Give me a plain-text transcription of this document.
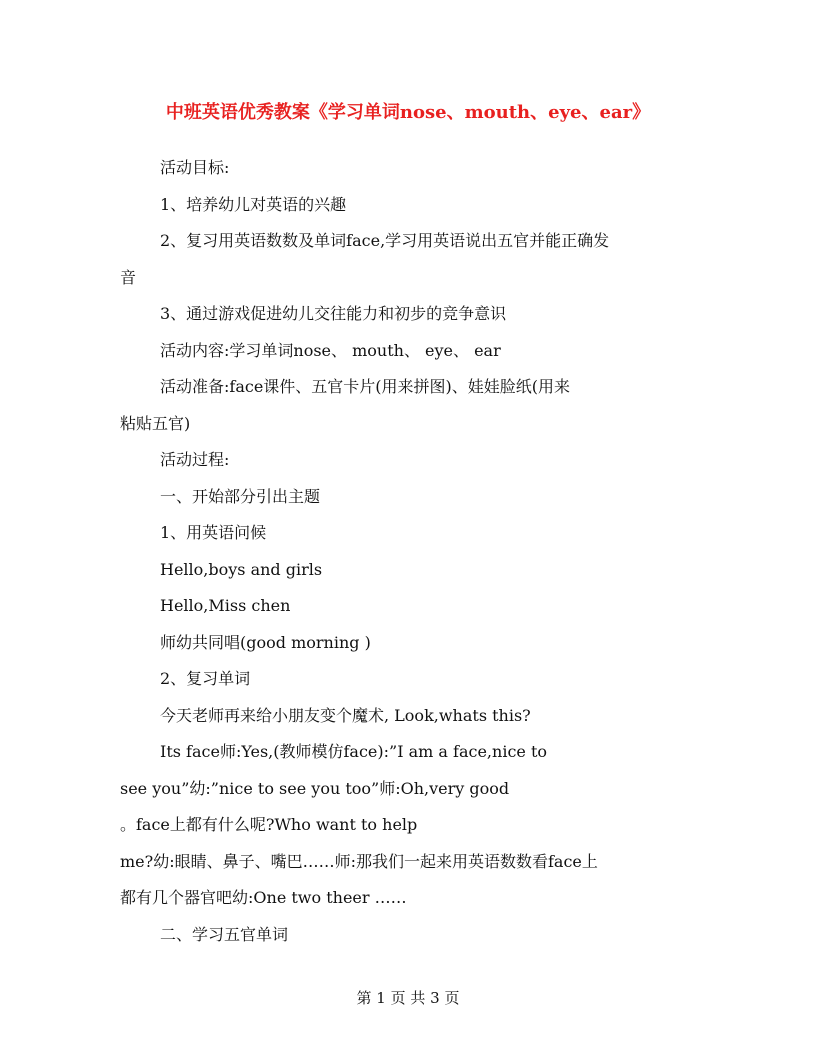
中班英语优秀教案《学习单词nose、mouth、eye、ear》

活动目标:

1、培养幼儿对英语的兴趣

2、复习用英语数数及单词face,学习用英语说出五官并能正确发

音

3、通过游戏促进幼儿交往能力和初步的竞争意识

活动内容:学习单词nose、 mouth、 eye、 ear

活动准备:face课件、五官卡片(用来拼图)、娃娃脸纸(用来

粘贴五官)

活动过程:

一、开始部分引出主题

1、用英语问候

Hello,boys and girls

Hello,Miss chen

师幼共同唱(good morning )

2、复习单词

今天老师再来给小朋友变个魔术, Look,whats this?

Its face师:Yes,(教师模仿face):”I am a face,nice to

see you”幼:”nice to see you too”师:Oh,very good

。face上都有什么呢?Who want to help

me?幼:眼睛、鼻子、嘴巴……师:那我们一起来用英语数数看face上

都有几个器官吧幼:One two theer ……

二、学习五官单词

第 1 页 共 3 页
